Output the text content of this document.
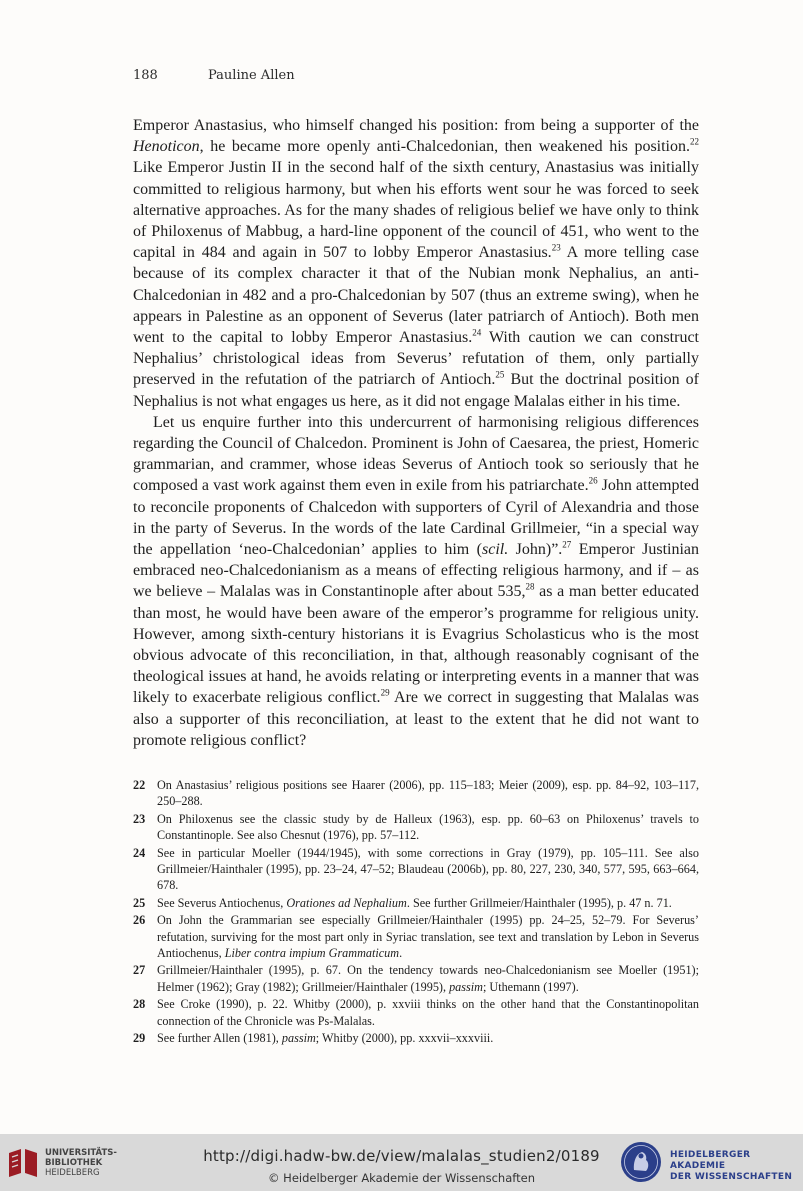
188	Pauline Allen

Emperor Anastasius, who himself changed his position: from being a supporter of the Henoticon, he became more openly anti-Chalcedonian, then weakened his position.$^{22}$ Like Emperor Justin II in the second half of the sixth century, Anastasius was initially committed to religious harmony, but when his efforts went sour he was forced to seek alternative approaches. As for the many shades of religious belief we have only to think of Philoxenus of Mabbug, a hard-line opponent of the council of 451, who went to the capital in 484 and again in 507 to lobby Emperor Anastasius.$^{23}$ A more telling case because of its complex character it that of the Nubian monk Nephalius, an anti-Chalcedonian in 482 and a pro-Chalcedonian by 507 (thus an extreme swing), when he appears in Palestine as an opponent of Severus (later patriarch of Antioch). Both men went to the capital to lobby Emperor Anastasius.$^{24}$ With caution we can construct Nephalius’ christological ideas from Severus’ refutation of them, only partially preserved in the refutation of the patriarch of Antioch.$^{25}$ But the doctrinal position of Nephalius is not what engages us here, as it did not engage Malalas either in his time.

Let us enquire further into this undercurrent of harmonising religious differences regarding the Council of Chalcedon. Prominent is John of Caesarea, the priest, Homeric grammarian, and crammer, whose ideas Severus of Antioch took so seriously that he composed a vast work against them even in exile from his patriarchate.$^{26}$ John attempted to reconcile proponents of Chalcedon with supporters of Cyril of Alexandria and those in the party of Severus. In the words of the late Cardinal Grillmeier, “in a special way the appellation ‘neo-Chalcedonian’ applies to him (scil. John)”.$^{27}$ Emperor Justinian embraced neo-Chalcedonianism as a means of effecting religious harmony, and if – as we believe – Malalas was in Constantinople after about 535,28 as a man better educated than most, he would have been aware of the emperor’s programme for religious unity. However, among sixth-century historians it is Evagrius Scholasticus who is the most obvious advocate of this reconciliation, in that, although reasonably cognisant of the theological issues at hand, he avoids relating or interpreting events in a manner that was likely to exacerbate religious conflict.$^{29}$ Are we correct in suggesting that Malalas was also a supporter of this reconciliation, at least to the extent that he did not want to promote religious conflict?

22 On Anastasius’ religious positions see Haarer (2006), pp. 115–183; Meier (2009), esp. pp. 84–92, 103–117, 250–288.
23 On Philoxenus see the classic study by de Halleux (1963), esp. pp. 60–63 on Philoxenus’ travels to Constantinople. See also Chesnut (1976), pp. 57–112.
24 See in particular Moeller (1944/1945), with some corrections in Gray (1979), pp. 105–111. See also Grillmeier/Hainthaler (1995), pp. 23–24, 47–52; Blaudeau (2006b), pp. 80, 227, 230, 340, 577, 595, 663–664, 678.
25 See Severus Antiochenus, Orationes ad Nephalium. See further Grillmeier/Hainthaler (1995), p. 47 n. 71.
26 On John the Grammarian see especially Grillmeier/Hainthaler (1995) pp. 24–25, 52–79. For Severus’ refutation, surviving for the most part only in Syriac translation, see text and translation by Lebon in Severus Antiochenus, Liber contra impium Grammaticum.
27 Grillmeier/Hainthaler (1995), p. 67. On the tendency towards neo-Chalcedonianism see Moeller (1951); Helmer (1962); Gray (1982); Grillmeier/Hainthaler (1995), passim; Uthemann (1997).
28 See Croke (1990), p. 22. Whitby (2000), p. xxviii thinks on the other hand that the Constantinopolitan connection of the Chronicle was Ps-Malalas.
29 See further Allen (1981), passim; Whitby (2000), pp. xxxvii–xxxviii.
UNIVERSITÄTS-
BIBLIOTHEK
HEIDELBERG
http://digi.hadw-bw.de/view/malalas_studien2/0189
© Heidelberger Akademie der Wissenschaften
HEIDELBERGER AKADEMIE
DER WISSENSCHAFTEN
